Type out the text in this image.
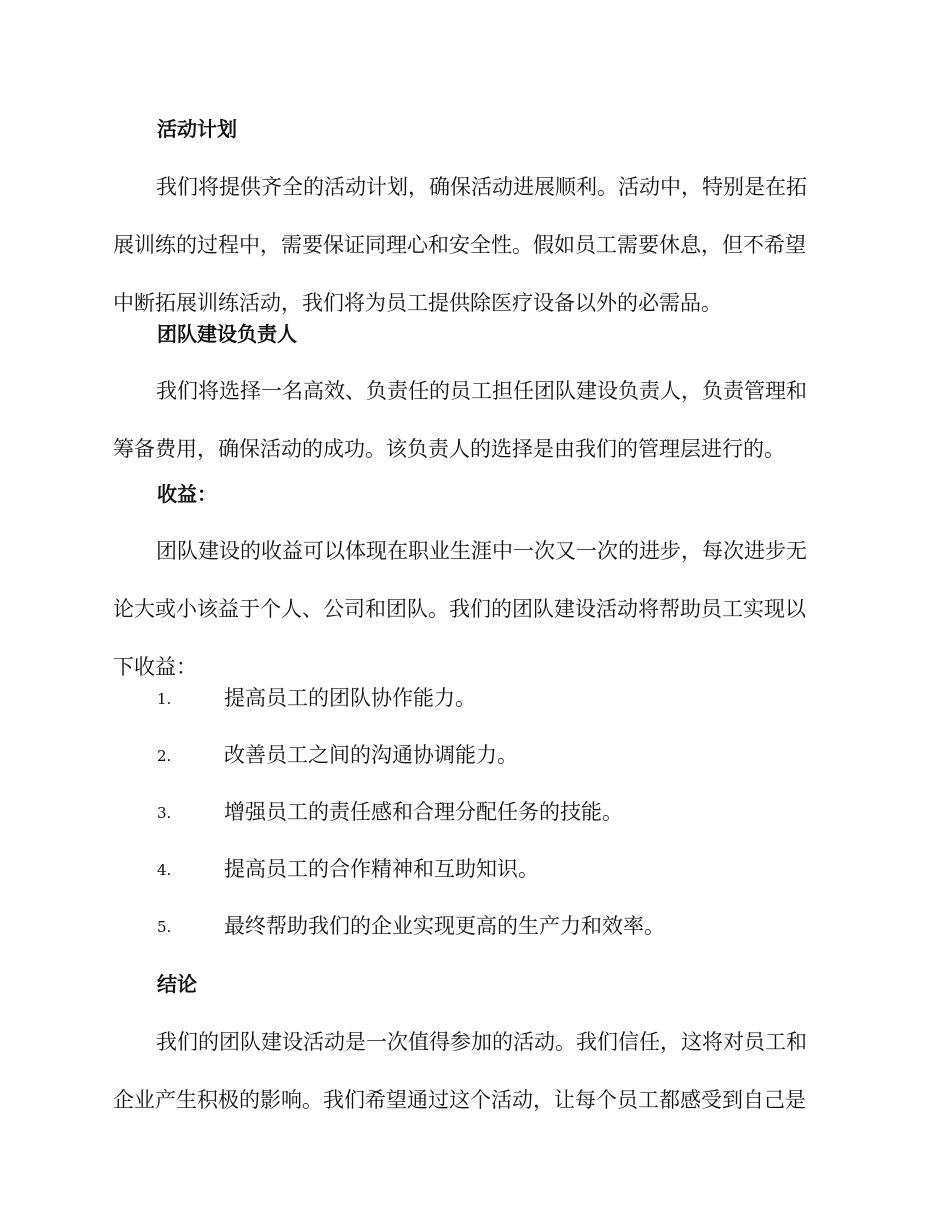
活动计划
我们将提供齐全的活动计划，确保活动进展顺利。活动中，特别是在拓
展训练的过程中，需要保证同理心和安全性。假如员工需要休息，但不希望
中断拓展训练活动，我们将为员工提供除医疗设备以外的必需品。
团队建设负责人
我们将选择一名高效、负责任的员工担任团队建设负责人，负责管理和
筹备费用，确保活动的成功。该负责人的选择是由我们的管理层进行的。
收益：
团队建设的收益可以体现在职业生涯中一次又一次的进步，每次进步无
论大或小该益于个人、公司和团队。我们的团队建设活动将帮助员工实现以
下收益：
1.	提高员工的团队协作能力。
2.	改善员工之间的沟通协调能力。
3.	增强员工的责任感和合理分配任务的技能。
4.	提高员工的合作精神和互助知识。
5.	最终帮助我们的企业实现更高的生产力和效率。
结论
我们的团队建设活动是一次值得参加的活动。我们信任，这将对员工和
企业产生积极的影响。我们希望通过这个活动，让每个员工都感受到自己是
